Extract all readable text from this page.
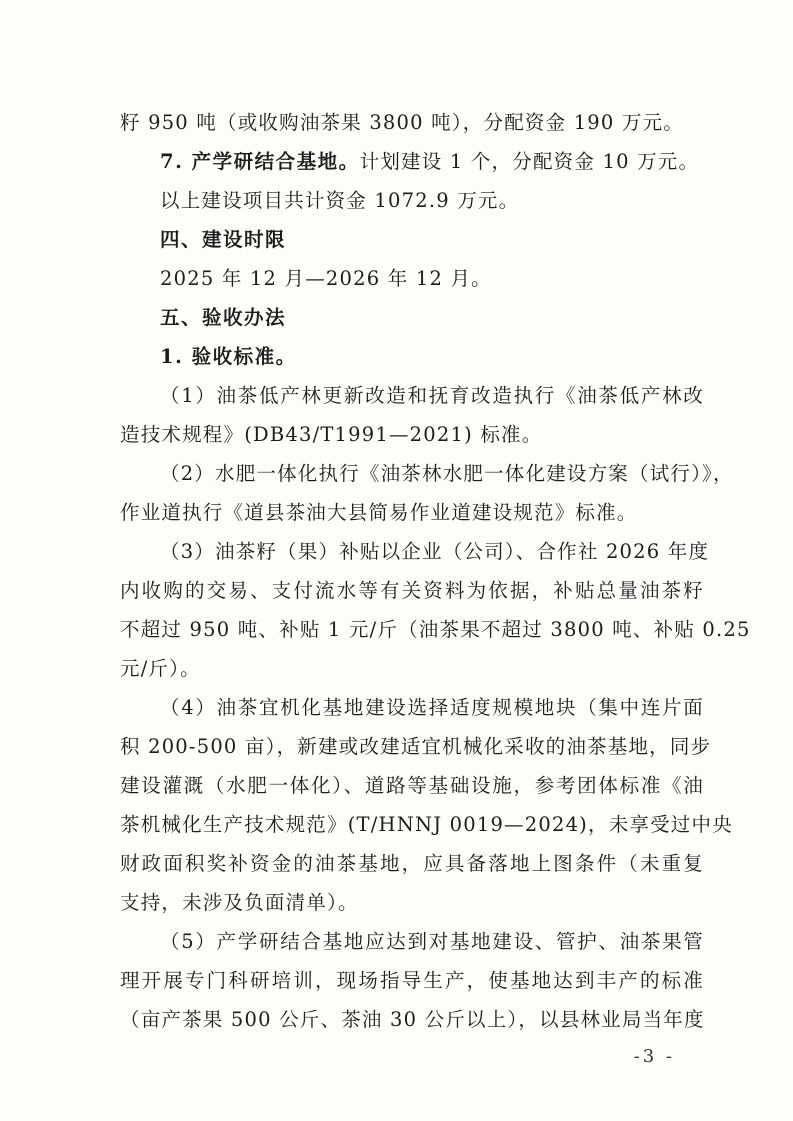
籽 950 吨（或收购油茶果 3800 吨），分配资金 190 万元。
7. 产学研结合基地。计划建设 1 个，分配资金 10 万元。
以上建设项目共计资金 1072.9 万元。
四、建设时限
2025 年 12 月—2026 年 12 月。
五、验收办法
1. 验收标准。
（1）油茶低产林更新改造和抚育改造执行《油茶低产林改
造技术规程》(DB43/T1991—2021) 标准。
（2）水肥一体化执行《油茶林水肥一体化建设方案（试行）》，
作业道执行《道县茶油大县简易作业道建设规范》标准。
（3）油茶籽（果）补贴以企业（公司）、合作社 2026 年度
内收购的交易、支付流水等有关资料为依据，补贴总量油茶籽
不超过 950 吨、补贴 1 元/斤（油茶果不超过 3800 吨、补贴 0.25
元/斤）。
（4）油茶宜机化基地建设选择适度规模地块（集中连片面
积 200-500 亩），新建或改建适宜机械化采收的油茶基地，同步
建设灌溉（水肥一体化）、道路等基础设施，参考团体标准《油
茶机械化生产技术规范》(T/HNNJ 0019—2024)，未享受过中央
财政面积奖补资金的油茶基地，应具备落地上图条件（未重复
支持，未涉及负面清单）。
（5）产学研结合基地应达到对基地建设、管护、油茶果管
理开展专门科研培训，现场指导生产，使基地达到丰产的标准
（亩产茶果 500 公斤、茶油 30 公斤以上），以县林业局当年度
-3 -
